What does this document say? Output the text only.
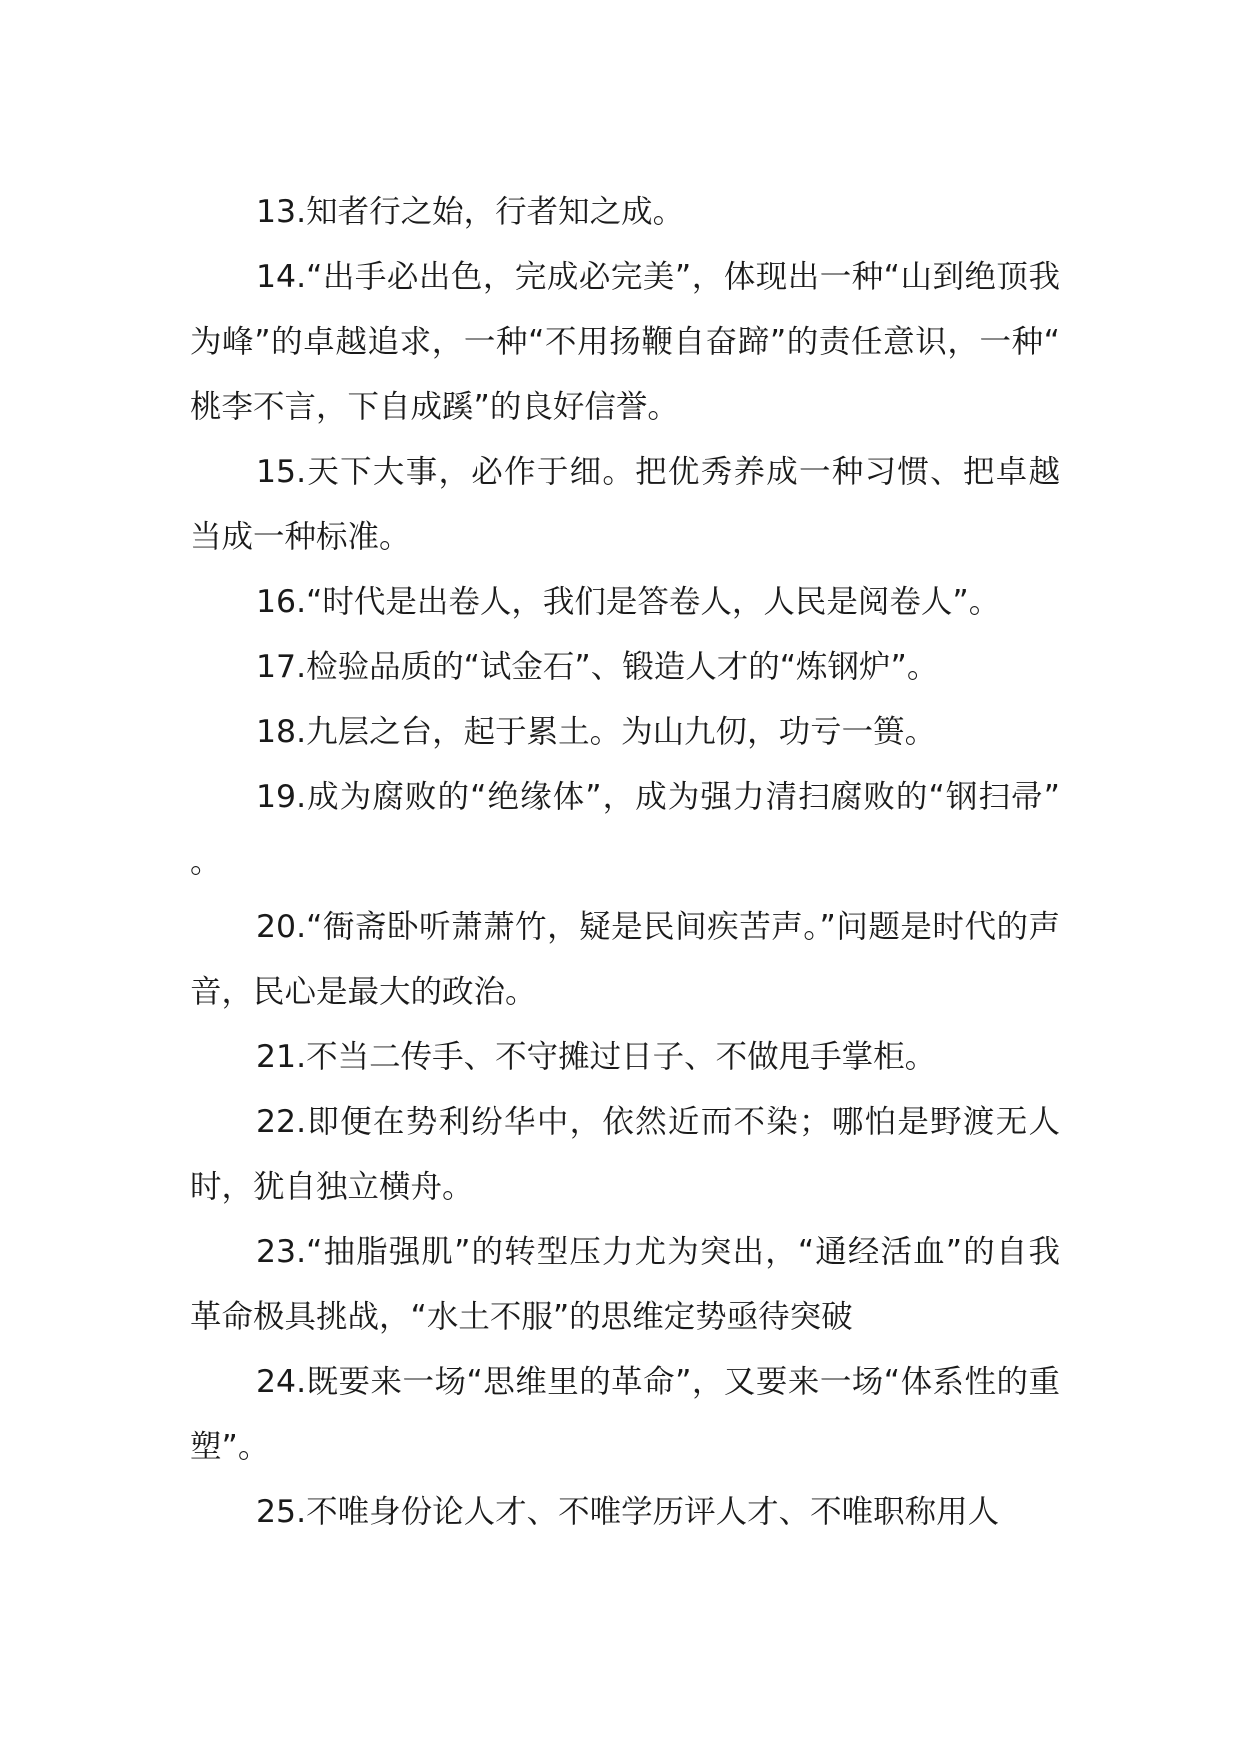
13.知者行之始，行者知之成。

14.“出手必出色，完成必完美”，体现出一种“山到绝顶我为峰”的卓越追求，一种“不用扬鞭自奋蹄”的责任意识，一种“桃李不言，下自成蹊”的良好信誉。

15.天下大事，必作于细。把优秀养成一种习惯、把卓越当成一种标准。

16.“时代是出卷人，我们是答卷人，人民是阅卷人”。

17.检验品质的“试金石”、锻造人才的“炼钢炉”。

18.九层之台，起于累土。为山九仞，功亏一篑。

19.成为腐败的“绝缘体”，成为强力清扫腐败的“钢扫帚”。

20.“衙斋卧听萧萧竹，疑是民间疾苦声。”问题是时代的声音，民心是最大的政治。

21.不当二传手、不守摊过日子、不做甩手掌柜。

22.即便在势利纷华中，依然近而不染；哪怕是野渡无人时，犹自独立横舟。

23.“抽脂强肌”的转型压力尤为突出，“通经活血”的自我革命极具挑战，“水土不服”的思维定势亟待突破

24.既要来一场“思维里的革命”，又要来一场“体系性的重塑”。

25.不唯身份论人才、不唯学历评人才、不唯职称用人
